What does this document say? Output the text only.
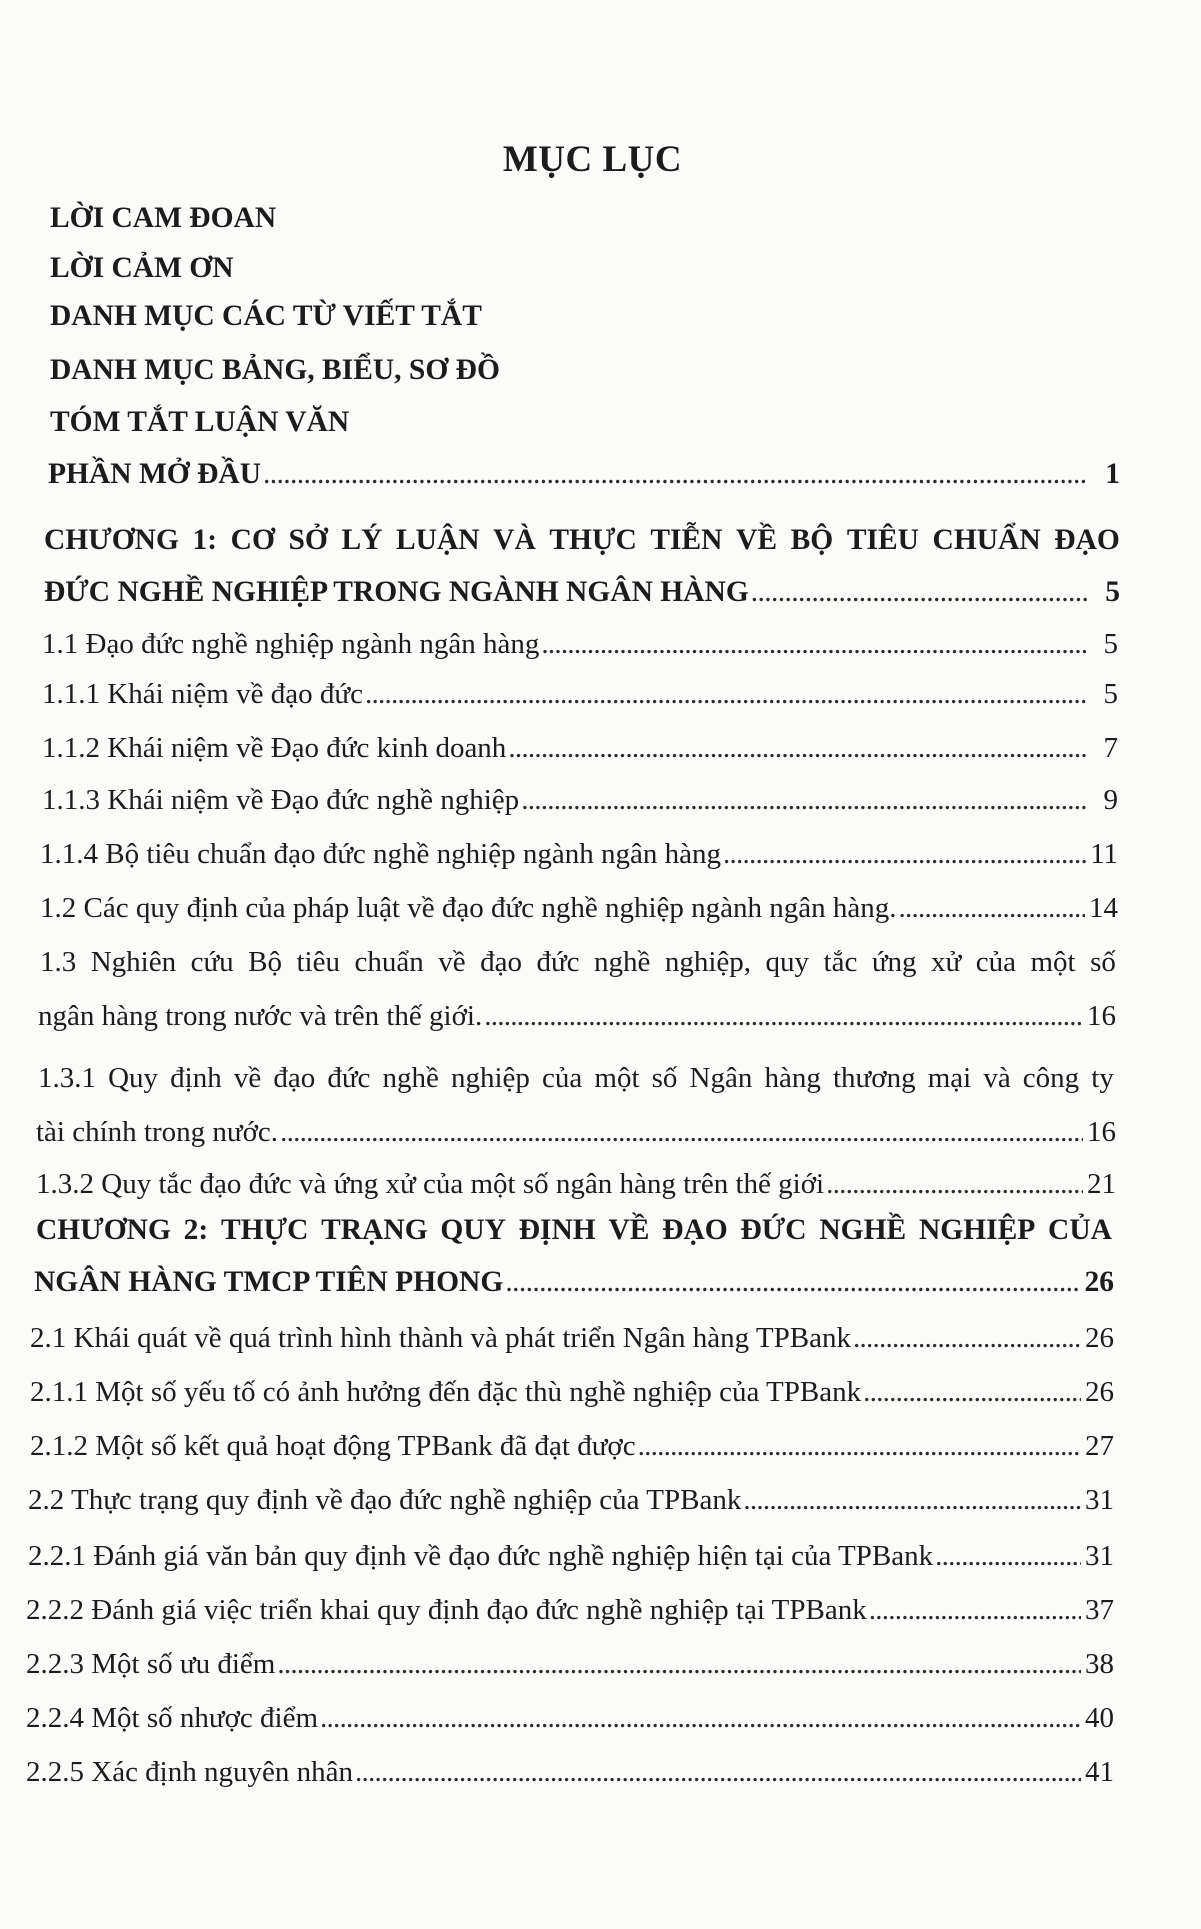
MỤC LỤC
LỜI CAM ĐOAN
LỜI CẢM ƠN
DANH MỤC CÁC TỪ VIẾT TẮT
DANH MỤC BẢNG, BIỂU, SƠ ĐỒ
TÓM TẮT LUẬN VĂN
PHẦN MỞ ĐẦU . . .	1
CHƯƠNG 1: CƠ SỞ LÝ LUẬN VÀ THỰC TIỄN VỀ BỘ TIÊU CHUẨN ĐẠO
ĐỨC NGHỀ NGHIỆP TRONG NGÀNH NGÂN HÀNG . . .	5
1.1 Đạo đức nghề nghiệp ngành ngân hàng . . .	5
1.1.1 Khái niệm về đạo đức . . .	5
1.1.2 Khái niệm về Đạo đức kinh doanh . . .	7
1.1.3 Khái niệm về Đạo đức nghề nghiệp . . .	9
1.1.4 Bộ tiêu chuẩn đạo đức nghề nghiệp ngành ngân hàng . . .	11
1.2 Các quy định của pháp luật về đạo đức nghề nghiệp ngành ngân hàng. . . .	14
1.3 Nghiên cứu Bộ tiêu chuẩn về đạo đức nghề nghiệp, quy tắc ứng xử của một số
ngân hàng trong nước và trên thế giới. . . .	16
1.3.1 Quy định về đạo đức nghề nghiệp của một số Ngân hàng thương mại và công ty
tài chính trong nước. . . .	16
1.3.2 Quy tắc đạo đức và ứng xử của một số ngân hàng trên thế giới . . .	21
CHƯƠNG 2: THỰC TRẠNG QUY ĐỊNH VỀ ĐẠO ĐỨC NGHỀ NGHIỆP CỦA
NGÂN HÀNG TMCP TIÊN PHONG . . .	26
2.1 Khái quát về quá trình hình thành và phát triển Ngân hàng TPBank . . .	26
2.1.1 Một số yếu tố có ảnh hưởng đến đặc thù nghề nghiệp của TPBank . . .	26
2.1.2 Một số kết quả hoạt động TPBank đã đạt được . . .	27
2.2 Thực trạng quy định về đạo đức nghề nghiệp của TPBank . . .	31
2.2.1 Đánh giá văn bản quy định về đạo đức nghề nghiệp hiện tại của TPBank . . .	31
2.2.2 Đánh giá việc triển khai quy định đạo đức nghề nghiệp tại TPBank . . .	37
2.2.3 Một số ưu điểm . . .	38
2.2.4 Một số nhược điểm . . .	40
2.2.5 Xác định nguyên nhân . . .	41
